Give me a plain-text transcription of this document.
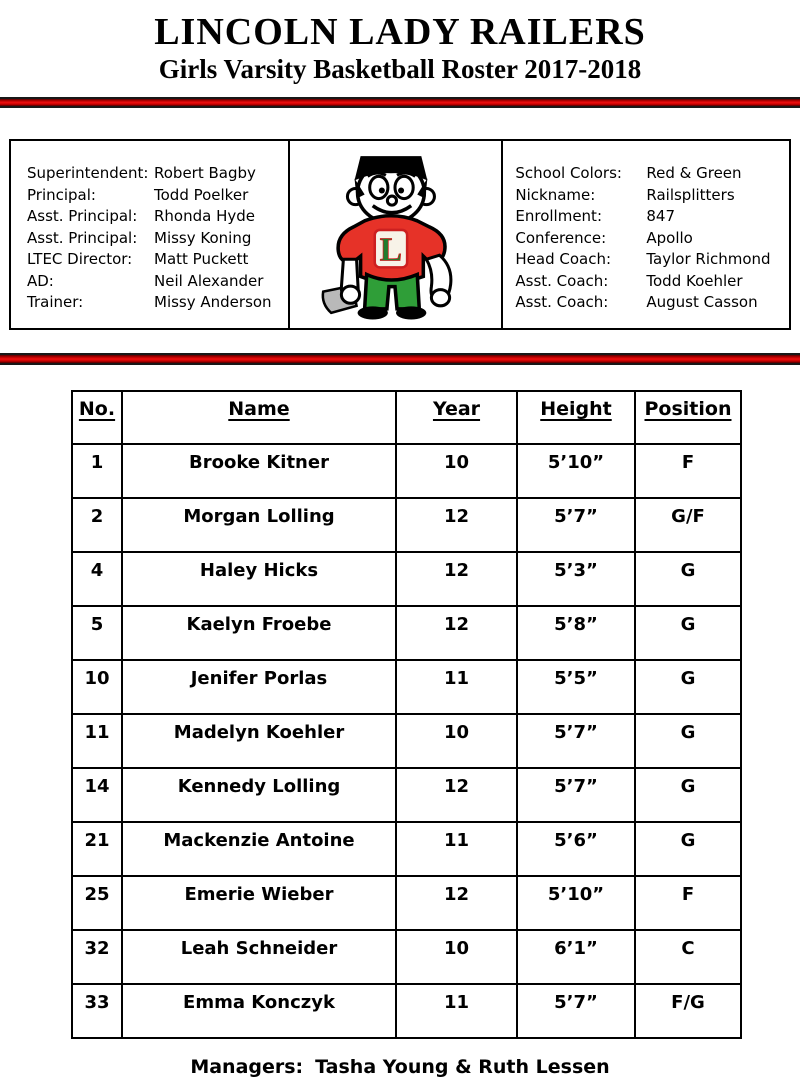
LINCOLN LADY RAILERS
Girls Varsity Basketball Roster 2017-2018
Superintendent: Robert Bagby
Principal:	Todd Poelker
Asst. Principal:	Rhonda Hyde
Asst. Principal:	Missy Koning
LTEC Director:	Matt Puckett
AD:	Neil Alexander
Trainer:	Missy Anderson
L
School Colors:	Red & Green
Nickname:	Railsplitters
Enrollment:	847
Conference:	Apollo
Head Coach:	Taylor Richmond
Asst. Coach:	Todd Koehler
Asst. Coach:	August Casson
No.	Name	Year	Height	Position
1	Brooke Kitner	10	5’10”	F
2	Morgan Lolling	12	5’7”	G/F
4	Haley Hicks	12	5’3”	G
5	Kaelyn Froebe	12	5’8”	G
10	Jenifer Porlas	11	5’5”	G
11	Madelyn Koehler	10	5’7”	G
14	Kennedy Lolling	12	5’7”	G
21	Mackenzie Antoine	11	5’6”	G
25	Emerie Wieber	12	5’10”	F
32	Leah Schneider	10	6’1”	C
33	Emma Konczyk	11	5’7”	F/G
Managers: Tasha Young & Ruth Lessen
